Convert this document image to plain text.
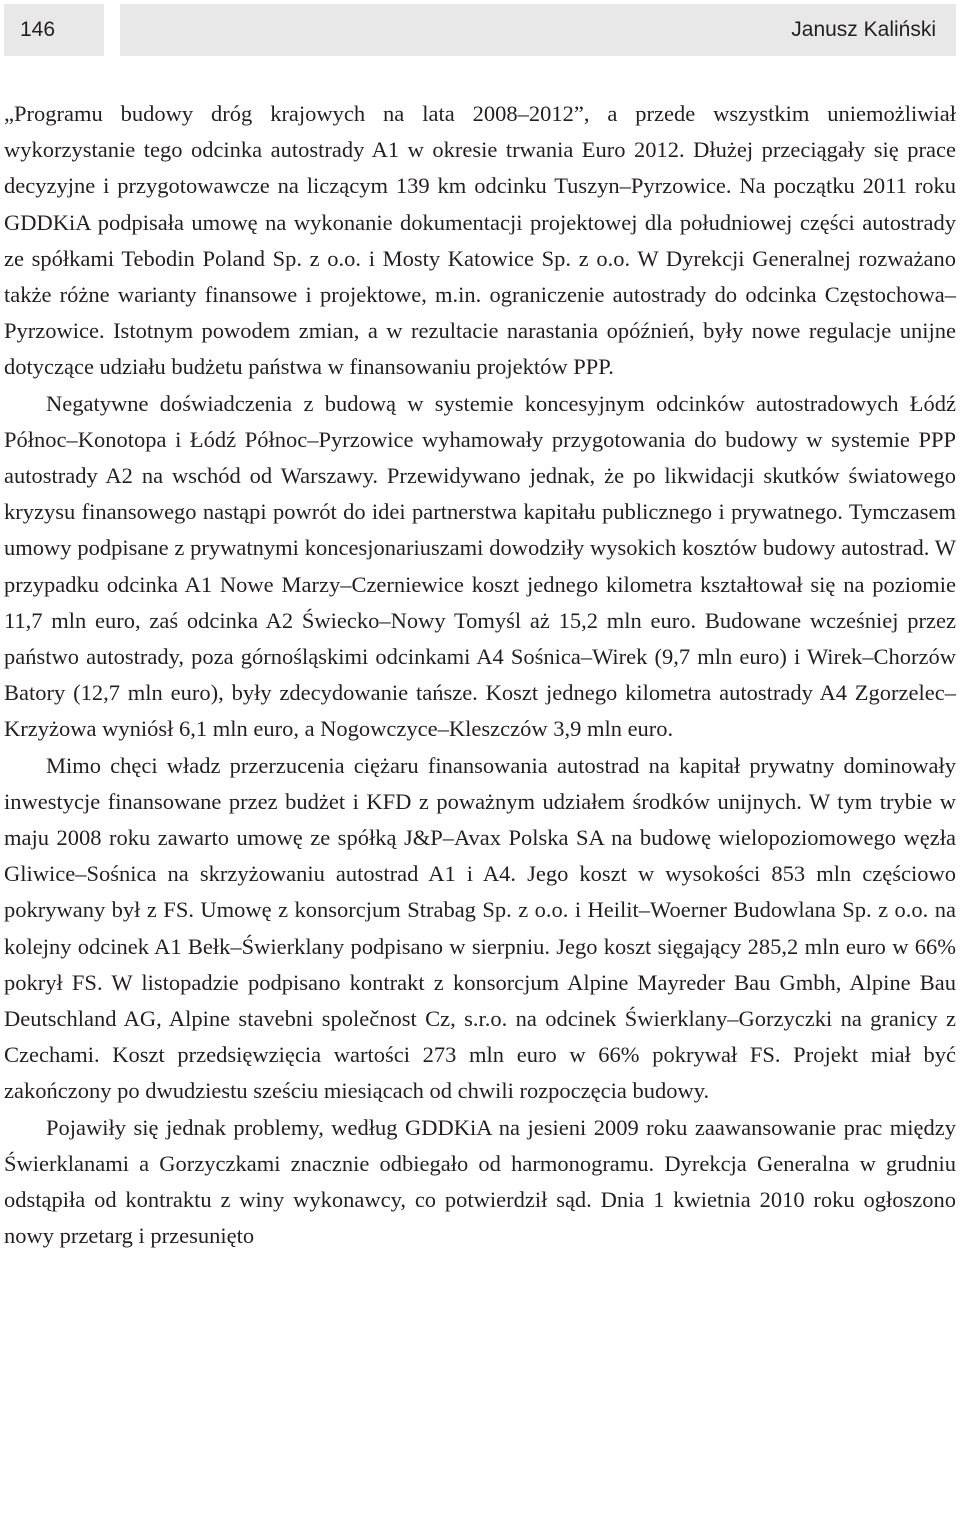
146	Janusz Kaliński

„Programu budowy dróg krajowych na lata 2008–2012”, a przede wszystkim uniemożliwiał wykorzystanie tego odcinka autostrady A1 w okresie trwania Euro 2012. Dłużej przeciągały się prace decyzyjne i przygotowawcze na liczącym 139 km odcinku Tuszyn–Pyrzowice. Na początku 2011 roku GDDKiA podpisała umowę na wykonanie dokumentacji projektowej dla południowej części autostrady ze spółkami Tebodin Poland Sp. z o.o. i Mosty Katowice Sp. z o.o. W Dyrekcji Generalnej rozważano także różne warianty finansowe i projektowe, m.in. ograniczenie autostrady do odcinka Częstochowa–Pyrzowice. Istotnym powodem zmian, a w rezultacie narastania opóźnień, były nowe regulacje unijne dotyczące udziału budżetu państwa w finansowaniu projektów PPP.

Negatywne doświadczenia z budową w systemie koncesyjnym odcinków autostradowych Łódź Północ–Konotopa i Łódź Północ–Pyrzowice wyhamowały przygotowania do budowy w systemie PPP autostrady A2 na wschód od Warszawy. Przewidywano jednak, że po likwidacji skutków światowego kryzysu finansowego nastąpi powrót do idei partnerstwa kapitału publicznego i prywatnego. Tymczasem umowy podpisane z prywatnymi koncesjonariuszami dowodziły wysokich kosztów budowy autostrad. W przypadku odcinka A1 Nowe Marzy–Czerniewice koszt jednego kilometra kształtował się na poziomie 11,7 mln euro, zaś odcinka A2 Świecko–Nowy Tomyśl aż 15,2 mln euro. Budowane wcześniej przez państwo autostrady, poza górnośląskimi odcinkami A4 Sośnica–Wirek (9,7 mln euro) i Wirek–Chorzów Batory (12,7 mln euro), były zdecydowanie tańsze. Koszt jednego kilometra autostrady A4 Zgorzelec–Krzyżowa wyniósł 6,1 mln euro, a Nogowczyce–Kleszczów 3,9 mln euro.

Mimo chęci władz przerzucenia ciężaru finansowania autostrad na kapitał prywatny dominowały inwestycje finansowane przez budżet i KFD z poważnym udziałem środków unijnych. W tym trybie w maju 2008 roku zawarto umowę ze spółką J&P–Avax Polska SA na budowę wielopoziomowego węzła Gliwice–Sośnica na skrzyżowaniu autostrad A1 i A4. Jego koszt w wysokości 853 mln częściowo pokrywany był z FS. Umowę z konsorcjum Strabag Sp. z o.o. i Heilit–Woerner Budowlana Sp. z o.o. na kolejny odcinek A1 Bełk–Świerklany podpisano w sierpniu. Jego koszt sięgający 285,2 mln euro w 66% pokrył FS. W listopadzie podpisano kontrakt z konsorcjum Alpine Mayreder Bau Gmbh, Alpine Bau Deutschland AG, Alpine stavebni společnost Cz, s.r.o. na odcinek Świerklany–Gorzyczki na granicy z Czechami. Koszt przedsięwzięcia wartości 273 mln euro w 66% pokrywał FS. Projekt miał być zakończony po dwudziestu sześciu miesiącach od chwili rozpoczęcia budowy.

Pojawiły się jednak problemy, według GDDKiA na jesieni 2009 roku zaawansowanie prac między Świerklanami a Gorzyczkami znacznie odbiegało od harmonogramu. Dyrekcja Generalna w grudniu odstąpiła od kontraktu z winy wykonawcy, co potwierdził sąd. Dnia 1 kwietnia 2010 roku ogłoszono nowy przetarg i przesunięto
